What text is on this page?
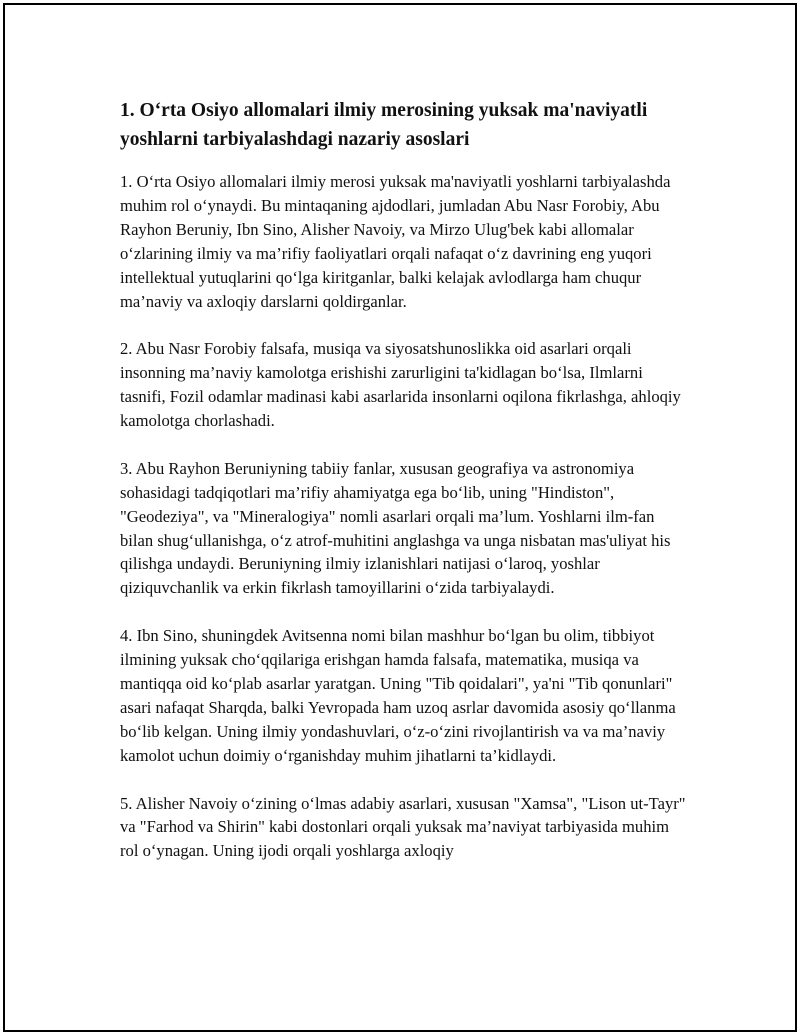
1. O‘rta Osiyo allomalari ilmiy merosining yuksak ma'naviyatli yoshlarni tarbiyalashdagi nazariy asoslari

1. O‘rta Osiyo allomalari ilmiy merosi yuksak ma'naviyatli yoshlarni tarbiyalashda muhim rol o‘ynaydi. Bu mintaqaning ajdodlari, jumladan Abu Nasr Forobiy, Abu Rayhon Beruniy, Ibn Sino, Alisher Navoiy, va Mirzo Ulug'bek kabi allomalar o‘zlarining ilmiy va ma’rifiy faoliyatlari orqali nafaqat o‘z davrining eng yuqori intellektual yutuqlarini qo‘lga kiritganlar, balki kelajak avlodlarga ham chuqur ma’naviy va axloqiy darslarni qoldirganlar.

2. Abu Nasr Forobiy falsafa, musiqa va siyosatshunoslikka oid asarlari orqali insonning ma’naviy kamolotga erishishi zarurligini ta'kidlagan bo‘lsa, Ilmlarni tasnifi, Fozil odamlar madinasi kabi asarlarida insonlarni oqilona fikrlashga, ahloqiy kamolotga chorlashadi.

3. Abu Rayhon Beruniyning tabiiy fanlar, xususan geografiya va astronomiya sohasidagi tadqiqotlari ma’rifiy ahamiyatga ega bo‘lib, uning "Hindiston", "Geodeziya", va "Mineralogiya" nomli asarlari orqali ma’lum. Yoshlarni ilm-fan bilan shug‘ullanishga, o‘z atrof-muhitini anglashga va unga nisbatan mas'uliyat his qilishga undaydi. Beruniyning ilmiy izlanishlari natijasi o‘laroq, yoshlar qiziquvchanlik va erkin fikrlash tamoyillarini o‘zida tarbiyalaydi.

4. Ibn Sino, shuningdek Avitsenna nomi bilan mashhur bo‘lgan bu olim, tibbiyot ilmining yuksak cho‘qqilariga erishgan hamda falsafa, matematika, musiqa va mantiqqa oid ko‘plab asarlar yaratgan. Uning "Tib qoidalari", ya'ni "Tib qonunlari" asari nafaqat Sharqda, balki Yevropada ham uzoq asrlar davomida asosiy qo‘llanma bo‘lib kelgan. Uning ilmiy yondashuvlari, o‘z-o‘zini rivojlantirish va va ma’naviy kamolot uchun doimiy o‘rganishday muhim jihatlarni ta’kidlaydi.

5. Alisher Navoiy o‘zining o‘lmas adabiy asarlari, xususan "Xamsa", "Lison ut-Tayr" va "Farhod va Shirin" kabi dostonlari orqali yuksak ma’naviyat tarbiyasida muhim rol o‘ynagan. Uning ijodi orqali yoshlarga axloqiy
